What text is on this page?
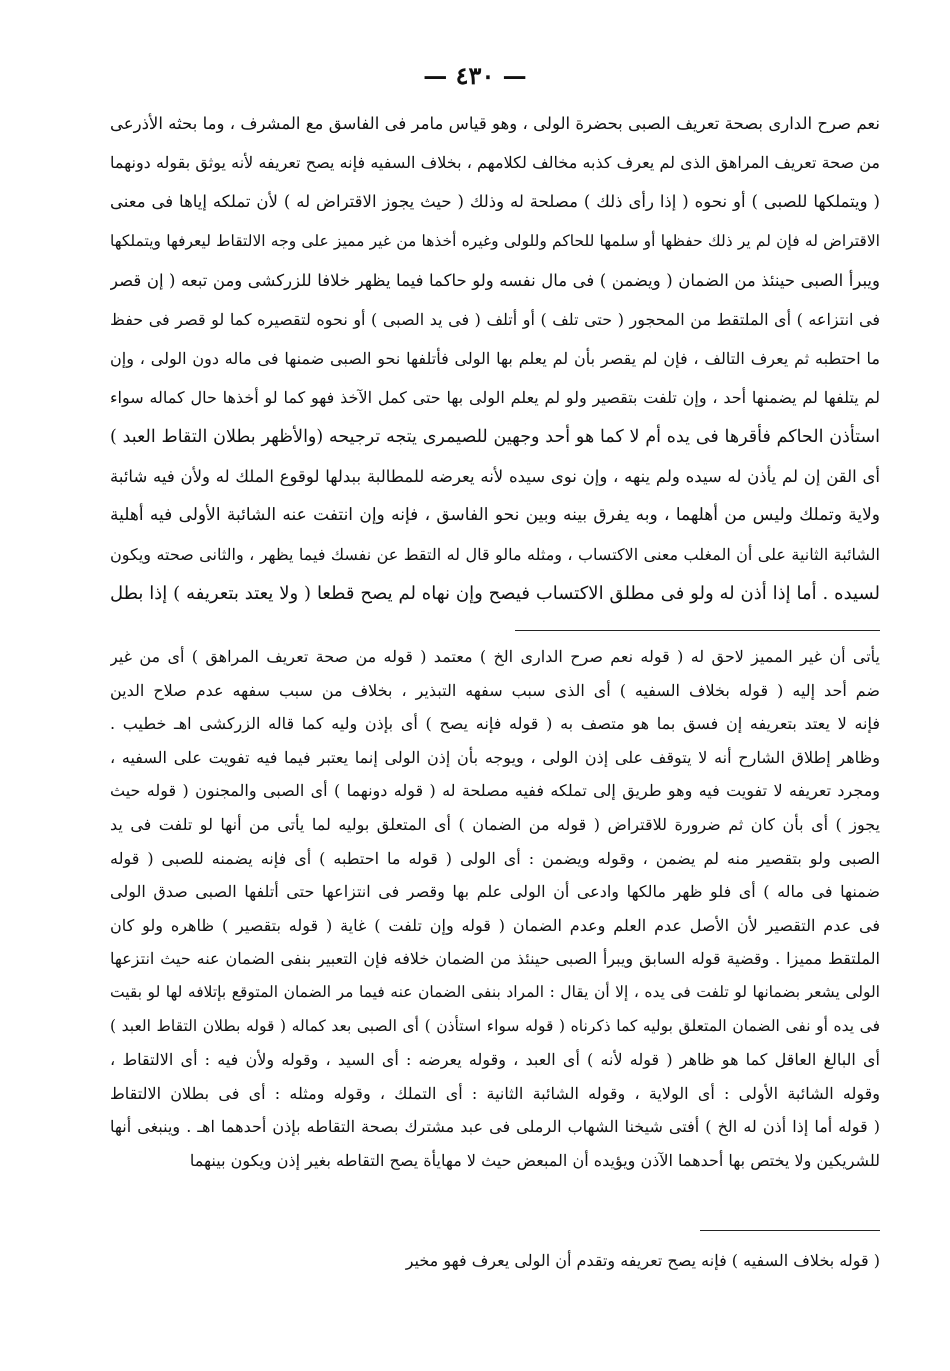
— ٤٣٠ —
نعم صرح الدارى بصحة تعريف الصبى بحضرة الولى ، وهو قياس مامر فى الفاسق مع المشرف ، وما بحثه الأذرعى
من صحة تعريف المراهق الذى لم يعرف كذبه مخالف لكلامهم ، بخلاف السفيه فإنه يصح تعريفه لأنه يوثق بقوله دونهما
( ويتملكها للصبى ) أو نحوه ( إذا رأى ذلك ) مصلحة له وذلك ( حيث يجوز الاقتراض له ) لأن تملكه إياها فى معنى
الاقتراض له فإن لم ير ذلك حفظها أو سلمها للحاكم وللولى وغيره أخذها من غير مميز على وجه الالتقاط ليعرفها ويتملكها
ويبرأ الصبى حينئذ من الضمان ( ويضمن ) فى مال نفسه ولو حاكما فيما يظهر خلافا للزركشى ومن تبعه ( إن قصر
فى انتزاعه ) أى الملتقط من المحجور ( حتى تلف ) أو أتلف ( فى يد الصبى ) أو نحوه لتقصيره كما لو قصر فى حفظ
ما احتطبه ثم يعرف التالف ، فإن لم يقصر بأن لم يعلم بها الولى فأتلفها نحو الصبى ضمنها فى ماله دون الولى ، وإن
لم يتلفها لم يضمنها أحد ، وإن تلفت بتقصير ولو لم يعلم الولى بها حتى كمل الآخذ فهو كما لو أخذها حال كماله سواء
استأذن الحاكم فأقرها فى يده أم لا كما هو أحد وجهين للصيمرى يتجه ترجيحه (والأظهر بطلان التقاط العبد )
أى القن إن لم يأذن له سيده ولم ينهه ، وإن نوى سيده لأنه يعرضه للمطالبة ببدلها لوقوع الملك له ولأن فيه شائبة
ولاية وتملك وليس من أهلهما ، وبه يفرق بينه وبين نحو الفاسق ، فإنه وإن انتفت عنه الشائبة الأولى فيه أهلية
الشائبة الثانية على أن المغلب معنى الاكتساب ، ومثله مالو قال له التقط عن نفسك فيما يظهر ، والثانى صحته ويكون
لسيده . أما إذا أذن له ولو فى مطلق الاكتساب فيصح وإن نهاه لم يصح قطعا ( ولا يعتد بتعريفه ) إذا بطل
يأتى أن غير المميز لاحق له ( قوله نعم صرح الدارى الخ ) معتمد ( قوله من صحة تعريف المراهق ) أى من غير
ضم أحد إليه ( قوله بخلاف السفيه ) أى الذى سبب سفهه التبذير ، بخلاف من سبب سفهه عدم صلاح الدين
فإنه لا يعتد بتعريفه إن فسق بما هو متصف به ( قوله فإنه يصح ) أى بإذن وليه كما قاله الزركشى اهـ خطيب .
وظاهر إطلاق الشارح أنه لا يتوقف على إذن الولى ، ويوجه بأن إذن الولى إنما يعتبر فيما فيه تفويت على السفيه ،
ومجرد تعريفه لا تفويت فيه وهو طريق إلى تملكه ففيه مصلحة له ( قوله دونهما ) أى الصبى والمجنون ( قوله حيث
يجوز ) أى بأن كان ثم ضرورة للاقتراض ( قوله من الضمان ) أى المتعلق بوليه لما يأتى من أنها لو تلفت فى يد
الصبى ولو بتقصير منه لم يضمن ، وقوله ويضمن : أى الولى ( قوله ما احتطبه ) أى فإنه يضمنه للصبى ( قوله
ضمنها فى ماله ) أى فلو ظهر مالكها وادعى أن الولى علم بها وقصر فى انتزاعها حتى أتلفها الصبى صدق الولى
فى عدم التقصير لأن الأصل عدم العلم وعدم الضمان ( قوله وإن تلفت ) غاية ( قوله بتقصير ) ظاهره ولو كان
الملتقط مميزا . وقضية قوله السابق ويبرأ الصبى حينئذ من الضمان خلافه فإن التعبير بنفى الضمان عنه حيث انتزعها
الولى يشعر بضمانها لو تلفت فى يده ، إلا أن يقال : المراد بنفى الضمان عنه فيما مر الضمان المتوقع بإتلافه لها لو بقيت
فى يده أو نفى الضمان المتعلق بوليه كما ذكرناه ( قوله سواء استأذن ) أى الصبى بعد كماله ( قوله بطلان التقاط العبد )
أى البالغ العاقل كما هو ظاهر ( قوله لأنه ) أى العبد ، وقوله يعرضه : أى السيد ، وقوله ولأن فيه : أى الالتقاط ،
وقوله الشائبة الأولى : أى الولاية ، وقوله الشائبة الثانية : أى التملك ، وقوله ومثله : أى فى بطلان الالتقاط
( قوله أما إذا أذن له الخ ) أفتى شيخنا الشهاب الرملى فى عبد مشترك بصحة التقاطه بإذن أحدهما اهـ . وينبغى أنها
للشريكين ولا يختص بها أحدهما الآذن ويؤيده أن المبعض حيث لا مهايأة يصح التقاطه بغير إذن ويكون بينهما
( قوله بخلاف السفيه ) فإنه يصح تعريفه وتقدم أن الولى يعرف فهو مخير
